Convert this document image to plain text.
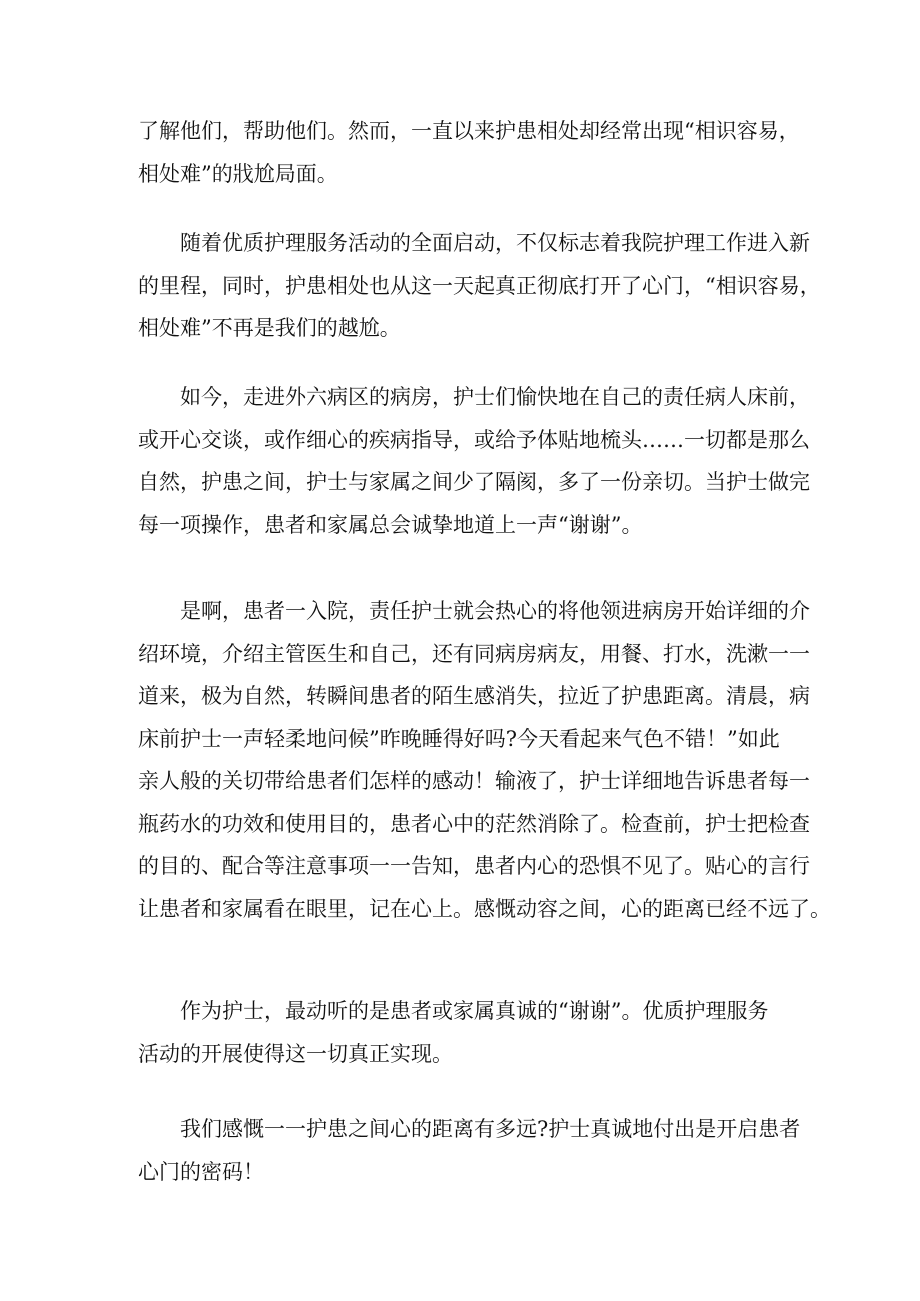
了解他们，帮助他们。然而，一直以来护患相处却经常出现“相识容易，
相处难”的戕尬局面。

随着优质护理服务活动的全面启动，不仅标志着我院护理工作进入新
的里程，同时，护患相处也从这一天起真正彻底打开了心门，“相识容易，
相处难”不再是我们的越尬。

如今，走进外六病区的病房，护士们愉快地在自己的责任病人床前，
或开心交谈，或作细心的疾病指导，或给予体贴地梳头……一切都是那么
自然，护患之间，护士与家属之间少了隔阂，多了一份亲切。当护士做完
每一项操作，患者和家属总会诚挚地道上一声“谢谢”。

是啊，患者一入院，责任护士就会热心的将他领进病房开始详细的介
绍环境，介绍主管医生和自己，还有同病房病友，用餐、打水，洗漱一一
道来，极为自然，转瞬间患者的陌生感消失，拉近了护患距离。清晨，病
床前护士一声轻柔地问候”昨晚睡得好吗?今天看起来气色不错！”如此
亲人般的关切带给患者们怎样的感动！输液了，护士详细地告诉患者每一
瓶药水的功效和使用目的，患者心中的茫然消除了。检查前，护士把检查
的目的、配合等注意事项一一告知，患者内心的恐惧不见了。贴心的言行
让患者和家属看在眼里，记在心上。感慨动容之间，心的距离已经不远了。

作为护士，最动听的是患者或家属真诚的“谢谢”。优质护理服务
活动的开展使得这一切真正实现。

我们感慨一一护患之间心的距离有多远?护士真诚地付出是开启患者
心门的密码！
